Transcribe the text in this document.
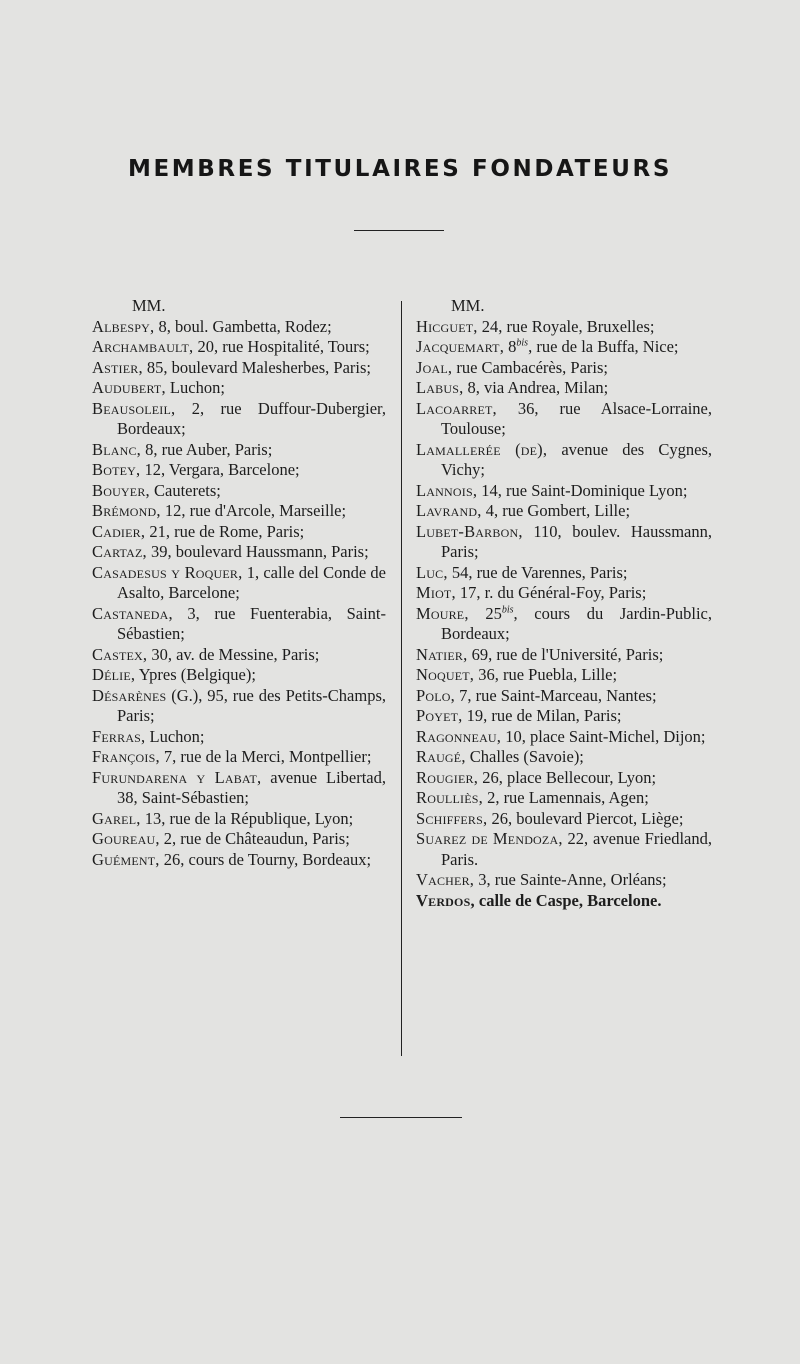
MEMBRES TITULAIRES FONDATEURS
MM.
Albespy, 8, boul. Gambetta, Rodez;
Archambault, 20, rue Hospitalité, Tours;
Astier, 85, boulevard Malesherbes, Paris;
Audubert, Luchon;
Beausoleil, 2, rue Duffour-Dubergier, Bordeaux;
Blanc, 8, rue Auber, Paris;
Botey, 12, Vergara, Barcelone;
Bouyer, Cauterets;
Brémond, 12, rue d'Arcole, Marseille;
Cadier, 21, rue de Rome, Paris;
Cartaz, 39, boulevard Haussmann, Paris;
Casadesus y Roquer, 1, calle del Conde de Asalto, Barcelone;
Castaneda, 3, rue Fuenterabia, Saint-Sébastien;
Castex, 30, av. de Messine, Paris;
Délie, Ypres (Belgique);
Désarènes (G.), 95, rue des Petits-Champs, Paris;
Ferras, Luchon;
François, 7, rue de la Merci, Montpellier;
Furundarena y Labat, avenue Libertad, 38, Saint-Sébastien;
Garel, 13, rue de la République, Lyon;
Goureau, 2, rue de Châteaudun, Paris;
Guément, 26, cours de Tourny, Bordeaux;
MM.
Hicguet, 24, rue Royale, Bruxelles;
Jacquemart, $8^{bis}$, rue de la Buffa, Nice;
Joal, rue Cambacérès, Paris;
Labus, 8, via Andrea, Milan;
Lacoarret, 36, rue Alsace-Lorraine, Toulouse;
Lamallerée (de), avenue des Cygnes, Vichy;
Lannois, 14, rue Saint-Dominique Lyon;
Lavrand, 4, rue Gombert, Lille;
Lubet-Barbon, 110, boulev. Haussmann, Paris;
Luc, 54, rue de Varennes, Paris;
Miot, 17, r. du Général-Foy, Paris;
Moure, $25^{bis}$, cours du Jardin-Public, Bordeaux;
Natier, 69, rue de l'Université, Paris;
Noquet, 36, rue Puebla, Lille;
Polo, 7, rue Saint-Marceau, Nantes;
Poyet, 19, rue de Milan, Paris;
Ragonneau, 10, place Saint-Michel, Dijon;
Raugé, Challes (Savoie);
Rougier, 26, place Bellecour, Lyon;
Roulliès, 2, rue Lamennais, Agen;
Schiffers, 26, boulevard Piercot, Liège;
Suarez de Mendoza, 22, avenue Friedland, Paris.
Vacher, 3, rue Sainte-Anne, Orléans;
Verdos, calle de Caspe, Barcelone.
